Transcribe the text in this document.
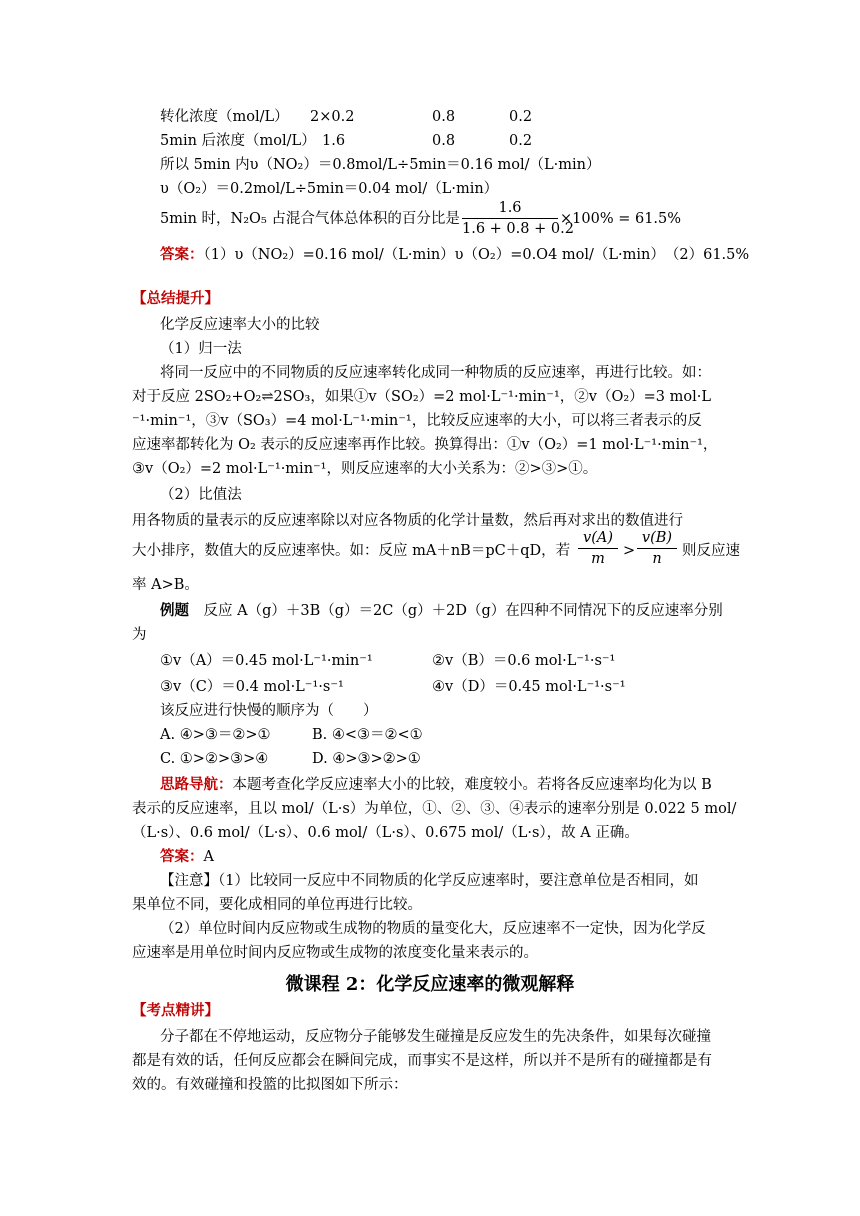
转化浓度（mol/L） 2×0.2	0.8	0.2
5min 后浓度（mol/L） 1.6	0.8	0.2
所以 5min 内υ（NO₂）＝0.8mol/L÷5min＝0.16 mol/（L·min）
υ（O₂）＝0.2mol/L÷5min＝0.04 mol/（L·min）
5min 时，N₂O₅ 占混合气体总体积的百分比是
1.6
1.6 + 0.8 + 0.2
×100% = 61.5%
答案：（1）υ（NO₂）=0.16 mol/（L·min）υ（O₂）=0.O4 mol/（L·min）　（2）61.5%
【总结提升】
化学反应速率大小的比较
（1）归一法
将同一反应中的不同物质的反应速率转化成同一种物质的反应速率，再进行比较。如：
对于反应 2SO₂+O₂⇌2SO₃，如果①v（SO₂）=2 mol·L⁻¹·min⁻¹，②v（O₂）=3 mol·L
⁻¹·min⁻¹，③v（SO₃）=4 mol·L⁻¹·min⁻¹，比较反应速率的大小，可以将三者表示的反
应速率都转化为 O₂ 表示的反应速率再作比较。换算得出：①v（O₂）=1 mol·L⁻¹·min⁻¹，
③v（O₂）=2 mol·L⁻¹·min⁻¹，则反应速率的大小关系为：②>③>①。
（2）比值法
用各物质的量表示的反应速率除以对应各物质的化学计量数，然后再对求出的数值进行
大小排序，数值大的反应速率快。如：反应 mA＋nB＝pC＋qD，若
v(A)
m	>
v(B)
n	则反应速
率 A>B。
例题　 反应 A（g）＋3B（g）＝2C（g）＋2D（g）在四种不同情况下的反应速率分别
为
①v（A）＝0.45 mol·L⁻¹·min⁻¹	②v（B）＝0.6 mol·L⁻¹·s⁻¹
③v（C）＝0.4 mol·L⁻¹·s⁻¹	④v（D）＝0.45 mol·L⁻¹·s⁻¹
该反应进行快慢的顺序为（　　）
A. ④>③＝②>①	B. ④<③＝②<①
C. ①>②>③>④	D. ④>③>②>①
思路导航：本题考查化学反应速率大小的比较，难度较小。若将各反应速率均化为以 B
表示的反应速率，且以 mol/（L·s）为单位，①、②、③、④表示的速率分别是 0.022 5 mol/
（L·s）、0.6 mol/（L·s）、0.6 mol/（L·s）、0.675 mol/（L·s），故 A 正确。
答案：A
【注意】（1）比较同一反应中不同物质的化学反应速率时，要注意单位是否相同，如
果单位不同，要化成相同的单位再进行比较。
（2）单位时间内反应物或生成物的物质的量变化大，反应速率不一定快，因为化学反
应速率是用单位时间内反应物或生成物的浓度变化量来表示的。
微课程 2：化学反应速率的微观解释
【考点精讲】
分子都在不停地运动，反应物分子能够发生碰撞是反应发生的先决条件，如果每次碰撞
都是有效的话，任何反应都会在瞬间完成，而事实不是这样，所以并不是所有的碰撞都是有
效的。有效碰撞和投篮的比拟图如下所示：
